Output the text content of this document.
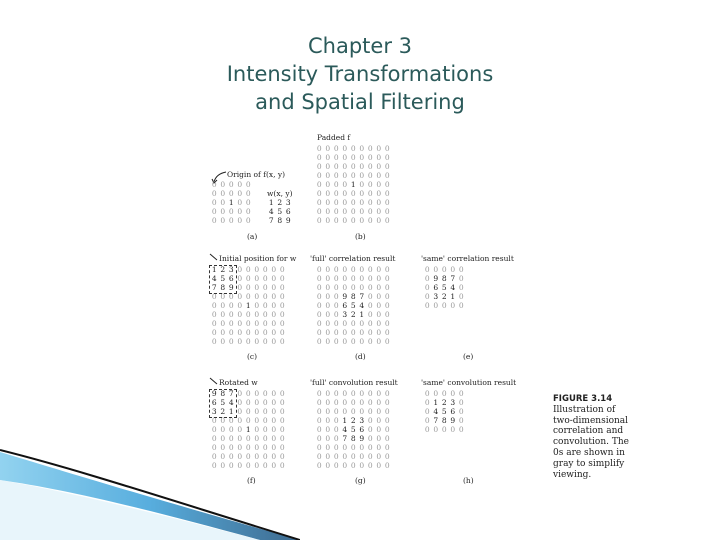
Chapter 3
Intensity Transformations
and Spatial Filtering
Padded f
0 0 0 0 0 0 0 0 0
0 0 0 0 0 0 0 0 0
0 0 0 0 0 0 0 0 0
0 0 0 0 0 0 0 0 0
0 0 0 0 1 0 0 0 0
0 0 0 0 0 0 0 0 0
0 0 0 0 0 0 0 0 0
0 0 0 0 0 0 0 0 0
0 0 0 0 0 0 0 0 0
(b)
Origin of f(x, y)
0 0 0 0 0
0 0 0 0 0
0 0 1 0 0
0 0 0 0 0
0 0 0 0 0
w(x, y)
1 2 3
4 5 6
7 8 9
(a)
Initial position for w 'full' correlation result	'same' correlation result
1 2 3 0 0 0 0 0 0
4 5 6 0 0 0 0 0 0
7 8 9 0 0 0 0 0 0
0 0 0 0 0 0 0 0 0
0 0 0 0 1 0 0 0 0
0 0 0 0 0 0 0 0 0
0 0 0 0 0 0 0 0 0
0 0 0 0 0 0 0 0 0
0 0 0 0 0 0 0 0 0
(c)
0 0 0 0 0 0 0 0 0
0 0 0 0 0 0 0 0 0
0 0 0 0 0 0 0 0 0
0 0 0 9 8 7 0 0 0
0 0 0 6 5 4 0 0 0
0 0 0 3 2 1 0 0 0
0 0 0 0 0 0 0 0 0
0 0 0 0 0 0 0 0 0
0 0 0 0 0 0 0 0 0
(d)
0 0 0 0 0
0 9 8 7 0
0 6 5 4 0
0 3 2 1 0
0 0 0 0 0
(e)
Rotated w	'full' convolution result	'same' convolution result
9 8 7 0 0 0 0 0 0
6 5 4 0 0 0 0 0 0
3 2 1 0 0 0 0 0 0
0 0 0 0 0 0 0 0 0
0 0 0 0 1 0 0 0 0
0 0 0 0 0 0 0 0 0
0 0 0 0 0 0 0 0 0
0 0 0 0 0 0 0 0 0
0 0 0 0 0 0 0 0 0
(f)
0 0 0 0 0 0 0 0 0
0 0 0 0 0 0 0 0 0
0 0 0 0 0 0 0 0 0
0 0 0 1 2 3 0 0 0
0 0 0 4 5 6 0 0 0
0 0 0 7 8 9 0 0 0
0 0 0 0 0 0 0 0 0
0 0 0 0 0 0 0 0 0
0 0 0 0 0 0 0 0 0
(g)
0 0 0 0 0
0 1 2 3 0
0 4 5 6 0
0 7 8 9 0
0 0 0 0 0
(h)
FIGURE 3.14
Illustration of
two-dimensional
correlation and
convolution. The
0s are shown in
gray to simplify
viewing.
